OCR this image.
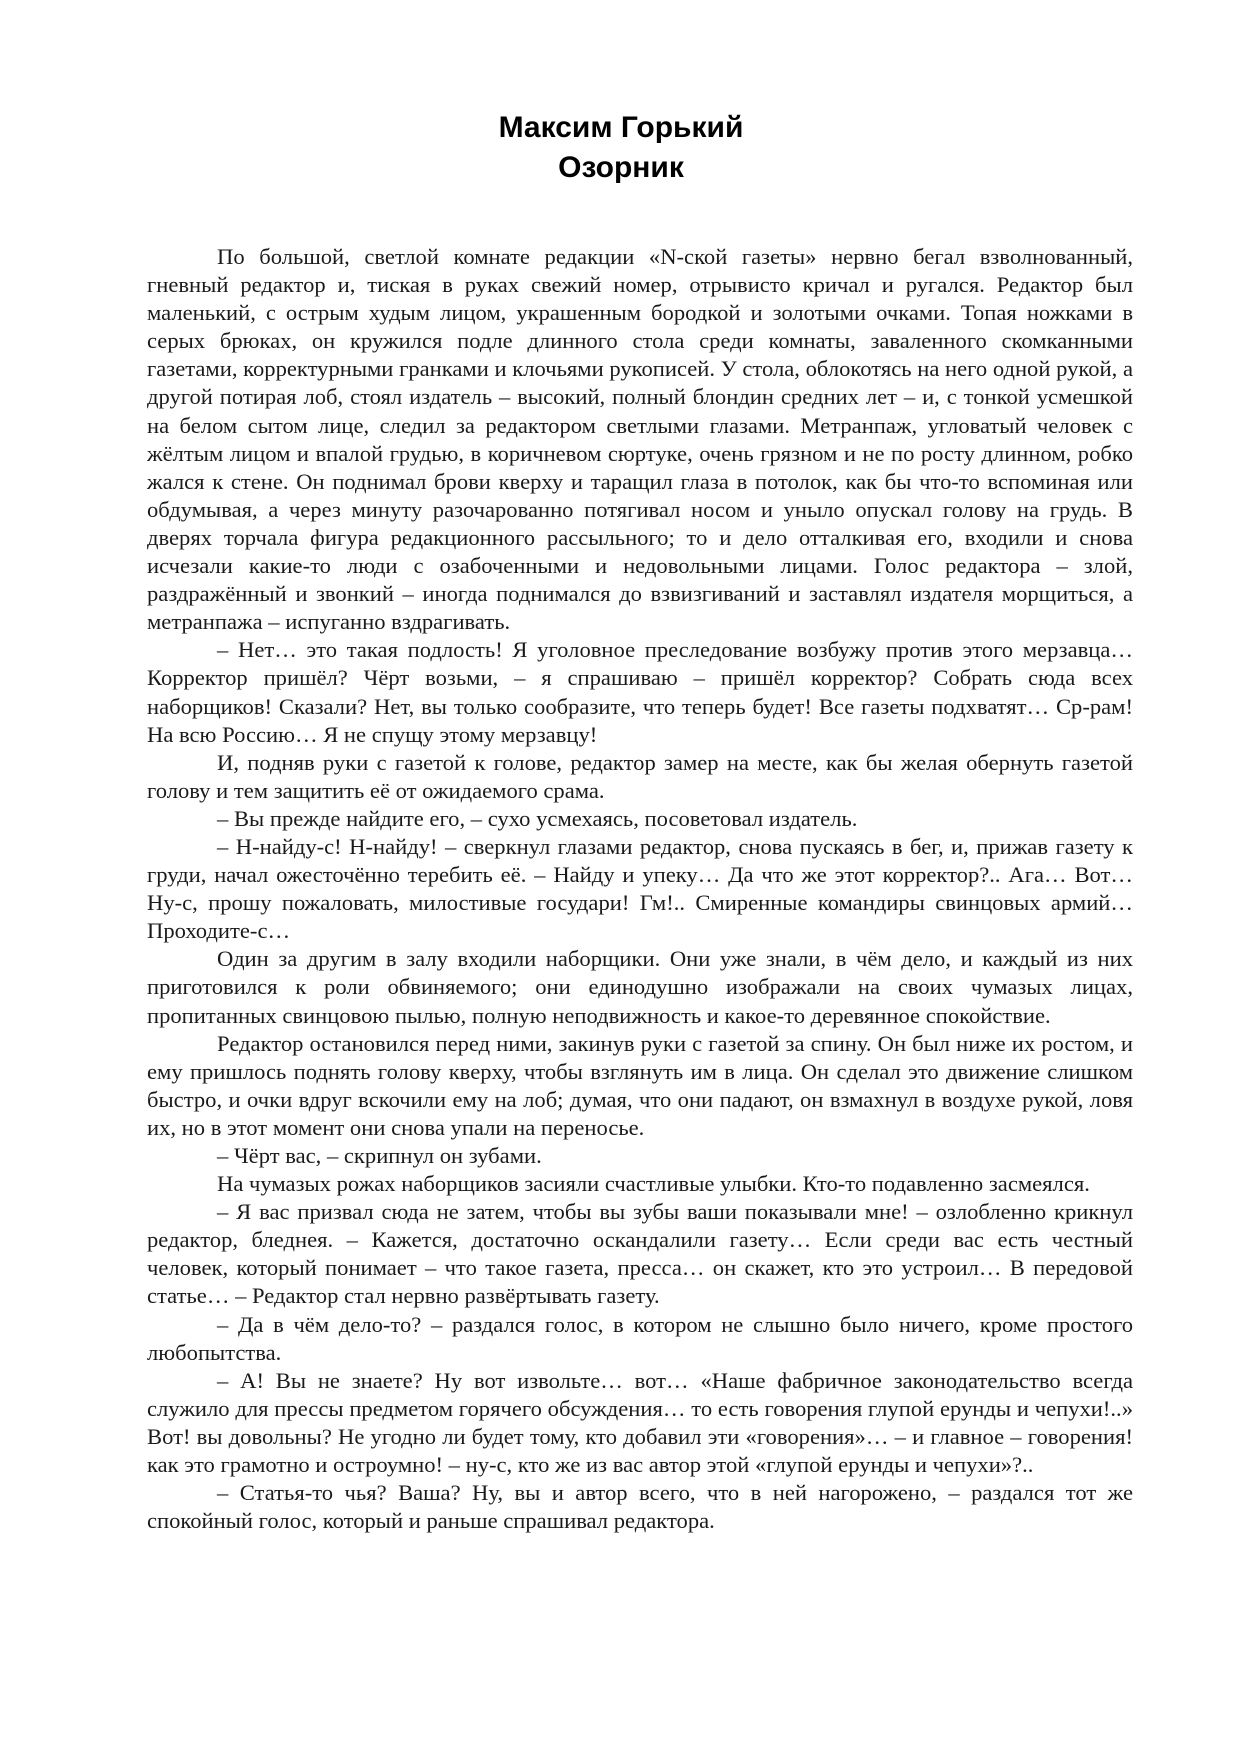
Максим Горький
Озорник

По большой, светлой комнате редакции «N-ской газеты» нервно бегал взволнованный, гневный редактор и, тиская в руках свежий номер, отрывисто кричал и ругался. Редактор был маленький, с острым худым лицом, украшенным бородкой и золотыми очками. Топая ножками в серых брюках, он кружился подле длинного стола среди комнаты, заваленного скомканными газетами, корректурными гранками и клочьями рукописей. У стола, облокотясь на него одной рукой, а другой потирая лоб, стоял издатель – высокий, полный блондин средних лет – и, с тонкой усмешкой на белом сытом лице, следил за редактором светлыми глазами. Метранпаж, угловатый человек с жёлтым лицом и впалой грудью, в коричневом сюртуке, очень грязном и не по росту длинном, робко жался к стене. Он поднимал брови кверху и таращил глаза в потолок, как бы что-то вспоминая или обдумывая, а через минуту разочарованно потягивал носом и уныло опускал голову на грудь. В дверях торчала фигура редакционного рассыльного; то и дело отталкивая его, входили и снова исчезали какие-то люди с озабоченными и недовольными лицами. Голос редактора – злой, раздражённый и звонкий – иногда поднимался до взвизгиваний и заставлял издателя морщиться, а метранпажа – испуганно вздрагивать.

– Нет… это такая подлость! Я уголовное преследование возбужу против этого мерзавца… Корректор пришёл? Чёрт возьми, – я спрашиваю – пришёл корректор? Собрать сюда всех наборщиков! Сказали? Нет, вы только сообразите, что теперь будет! Все газеты подхватят… Ср-рам! На всю Россию… Я не спущу этому мерзавцу!

И, подняв руки с газетой к голове, редактор замер на месте, как бы желая обернуть газетой голову и тем защитить её от ожидаемого срама.

– Вы прежде найдите его, – сухо усмехаясь, посоветовал издатель.

– Н-найду-с! Н-найду! – сверкнул глазами редактор, снова пускаясь в бег, и, прижав газету к груди, начал ожесточённо теребить её. – Найду и упеку… Да что же этот корректор?.. Ага… Вот… Ну-с, прошу пожаловать, милостивые государи! Гм!.. Смиренные командиры свинцовых армий… Проходите-с…

Один за другим в залу входили наборщики. Они уже знали, в чём дело, и каждый из них приготовился к роли обвиняемого; они единодушно изображали на своих чумазых лицах, пропитанных свинцовою пылью, полную неподвижность и какое-то деревянное спокойствие.

Редактор остановился перед ними, закинув руки с газетой за спину. Он был ниже их ростом, и ему пришлось поднять голову кверху, чтобы взглянуть им в лица. Он сделал это движение слишком быстро, и очки вдруг вскочили ему на лоб; думая, что они падают, он взмахнул в воздухе рукой, ловя их, но в этот момент они снова упали на переносье.

– Чёрт вас, – скрипнул он зубами.

На чумазых рожах наборщиков засияли счастливые улыбки. Кто-то подавленно засмеялся.

– Я вас призвал сюда не затем, чтобы вы зубы ваши показывали мне! – озлобленно крикнул редактор, бледнея. – Кажется, достаточно оскандалили газету… Если среди вас есть честный человек, который понимает – что такое газета, пресса… он скажет, кто это устроил… В передовой статье… – Редактор стал нервно развёртывать газету.

– Да в чём дело-то? – раздался голос, в котором не слышно было ничего, кроме простого любопытства.

– А! Вы не знаете? Ну вот извольте… вот… «Наше фабричное законодательство всегда служило для прессы предметом горячего обсуждения… то есть говорения глупой ерунды и чепухи!..» Вот! вы довольны? Не угодно ли будет тому, кто добавил эти «говорения»… – и главное – говорения! как это грамотно и остроумно! – ну-с, кто же из вас автор этой «глупой ерунды и чепухи»?..

– Статья-то чья? Ваша? Ну, вы и автор всего, что в ней нагорожено, – раздался тот же спокойный голос, который и раньше спрашивал редактора.
